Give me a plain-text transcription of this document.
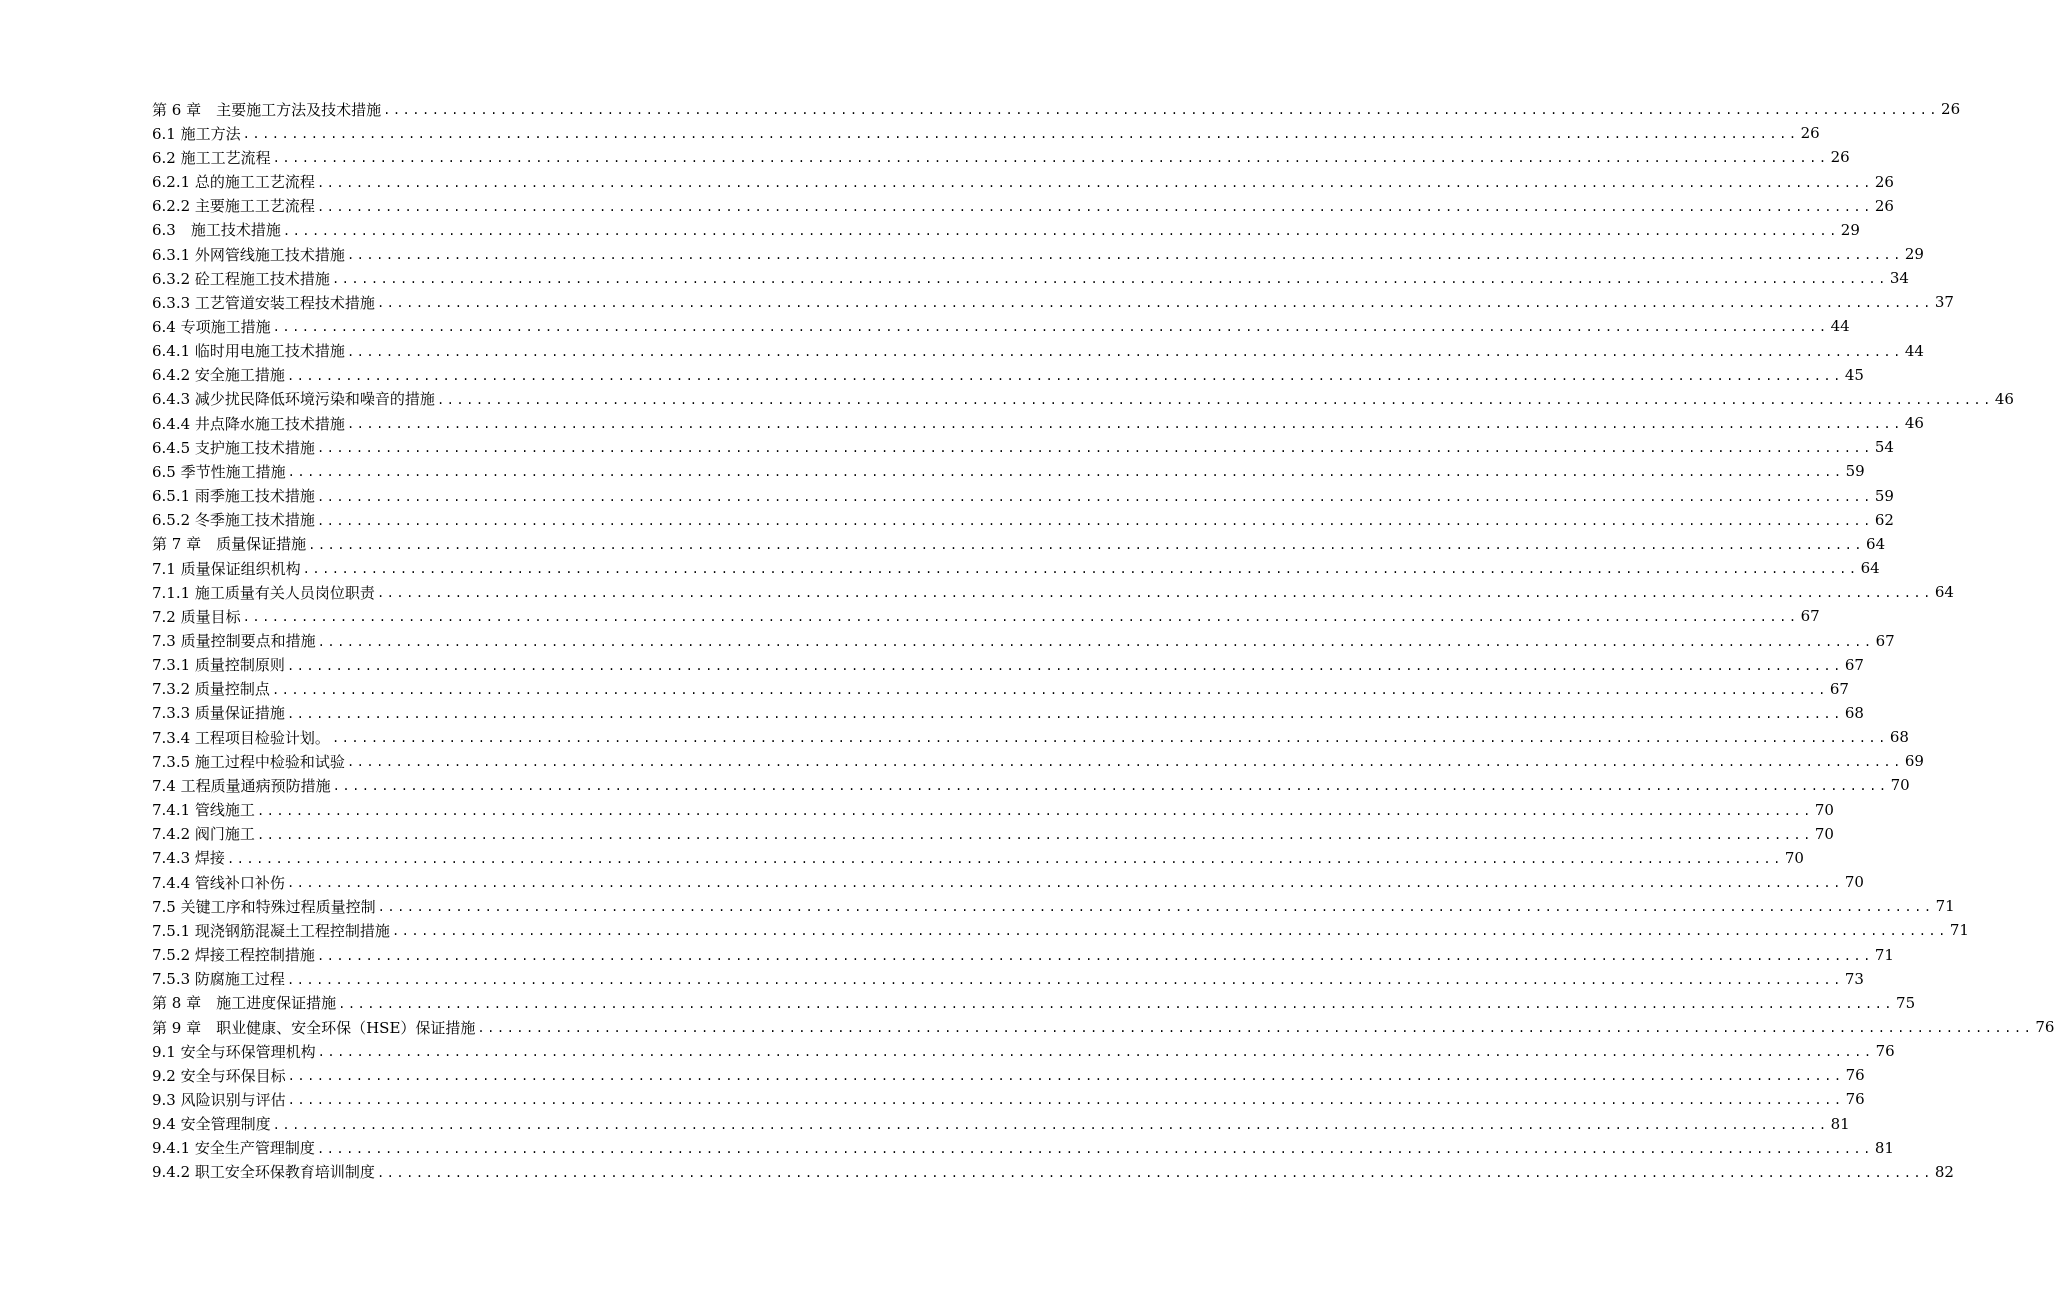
第 6 章　主要施工方法及技术措施 ................................................................................................................................................................ 26
6.1 施工方法 ................................................................................................................................................................ 26
6.2 施工工艺流程 ................................................................................................................................................................ 26
6.2.1 总的施工工艺流程 ................................................................................................................................................................ 26
6.2.2 主要施工工艺流程 ................................................................................................................................................................ 26
6.3　施工技术措施 ................................................................................................................................................................ 29
6.3.1 外网管线施工技术措施 ................................................................................................................................................................ 29
6.3.2 砼工程施工技术措施 ................................................................................................................................................................ 34
6.3.3 工艺管道安装工程技术措施 ................................................................................................................................................................ 37
6.4 专项施工措施 ................................................................................................................................................................ 44
6.4.1 临时用电施工技术措施 ................................................................................................................................................................ 44
6.4.2 安全施工措施 ................................................................................................................................................................ 45
6.4.3 减少扰民降低环境污染和噪音的措施 ................................................................................................................................................................ 46
6.4.4 井点降水施工技术措施 ................................................................................................................................................................ 46
6.4.5 支护施工技术措施 ................................................................................................................................................................ 54
6.5 季节性施工措施 ................................................................................................................................................................ 59
6.5.1 雨季施工技术措施 ................................................................................................................................................................ 59
6.5.2 冬季施工技术措施 ................................................................................................................................................................ 62
第 7 章　质量保证措施 ................................................................................................................................................................ 64
7.1 质量保证组织机构 ................................................................................................................................................................ 64
7.1.1 施工质量有关人员岗位职责 ................................................................................................................................................................ 64
7.2 质量目标 ................................................................................................................................................................ 67
7.3 质量控制要点和措施 ................................................................................................................................................................ 67
7.3.1 质量控制原则 ................................................................................................................................................................ 67
7.3.2 质量控制点 ................................................................................................................................................................ 67
7.3.3 质量保证措施 ................................................................................................................................................................ 68
7.3.4 工程项目检验计划。 ................................................................................................................................................................ 68
7.3.5 施工过程中检验和试验 ................................................................................................................................................................ 69
7.4 工程质量通病预防措施 ................................................................................................................................................................ 70
7.4.1 管线施工 ................................................................................................................................................................ 70
7.4.2 阀门施工 ................................................................................................................................................................ 70
7.4.3 焊接 ................................................................................................................................................................ 70
7.4.4 管线补口补伤 ................................................................................................................................................................ 70
7.5 关键工序和特殊过程质量控制 ................................................................................................................................................................ 71
7.5.1 现浇钢筋混凝土工程控制措施 ................................................................................................................................................................ 71
7.5.2 焊接工程控制措施 ................................................................................................................................................................ 71
7.5.3 防腐施工过程 ................................................................................................................................................................ 73
第 8 章　施工进度保证措施 ................................................................................................................................................................ 75
第 9 章　职业健康、安全环保（HSE）保证措施 ................................................................................................................................................................ 76
9.1 安全与环保管理机构 ................................................................................................................................................................ 76
9.2 安全与环保目标 ................................................................................................................................................................ 76
9.3 风险识别与评估 ................................................................................................................................................................ 76
9.4 安全管理制度 ................................................................................................................................................................ 81
9.4.1 安全生产管理制度 ................................................................................................................................................................ 81
9.4.2 职工安全环保教育培训制度 ................................................................................................................................................................ 82
